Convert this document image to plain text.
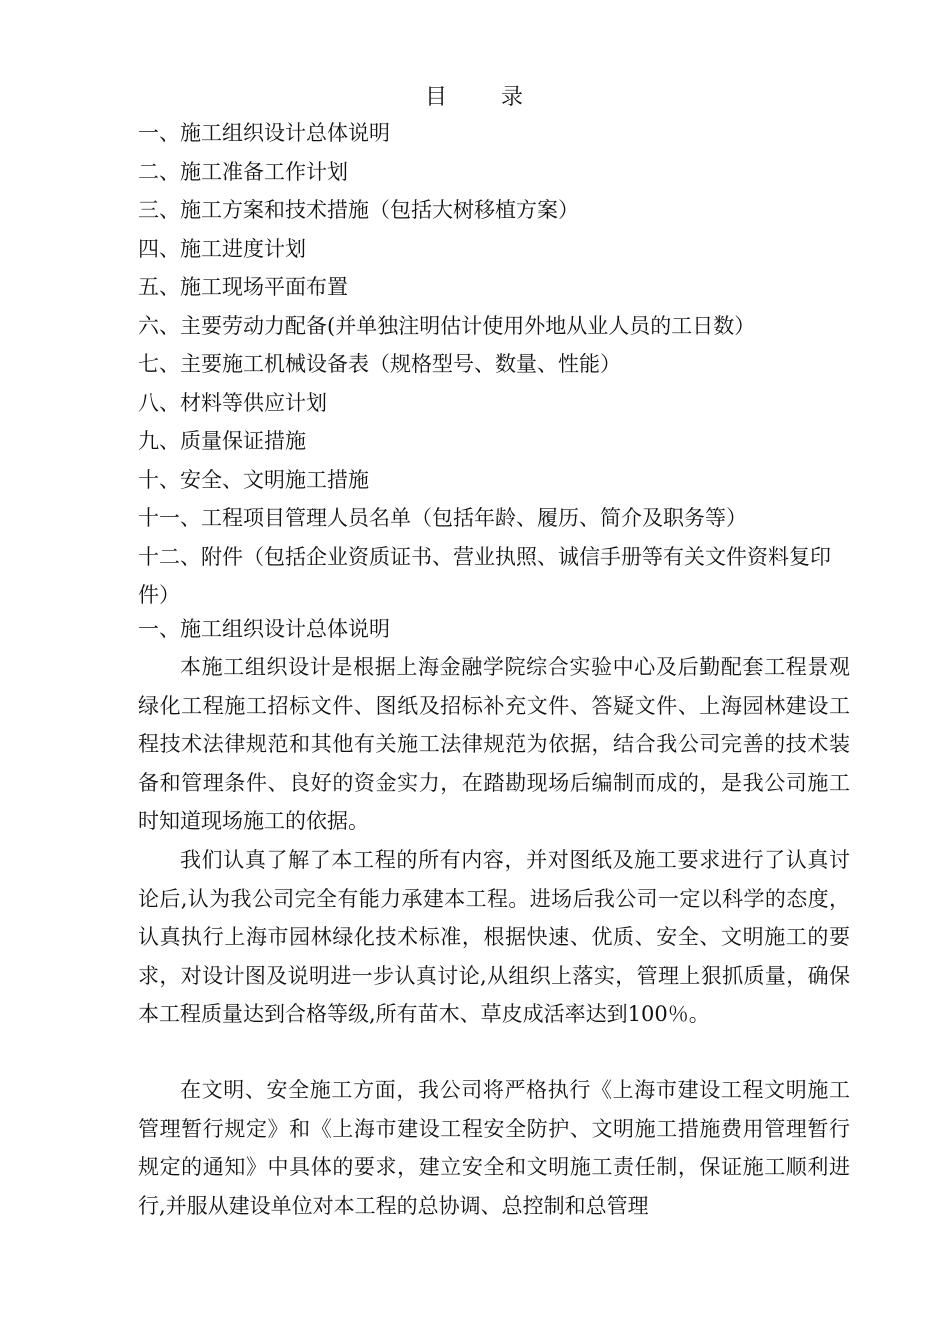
目 录
一、施工组织设计总体说明
二、施工准备工作计划
三、施工方案和技术措施（包括大树移植方案）
四、施工进度计划
五、施工现场平面布置
六、主要劳动力配备(并单独注明估计使用外地从业人员的工日数）
七、主要施工机械设备表（规格型号、数量、性能）
八、材料等供应计划
九、质量保证措施
十、安全、文明施工措施
十一、工程项目管理人员名单（包括年龄、履历、简介及职务等）
十二、附件（包括企业资质证书、营业执照、诚信手册等有关文件资料复印件）
一、施工组织设计总体说明

本施工组织设计是根据上海金融学院综合实验中心及后勤配套工程景观绿化工程施工招标文件、图纸及招标补充文件、答疑文件、上海园林建设工程技术法律规范和其他有关施工法律规范为依据，结合我公司完善的技术装备和管理条件、良好的资金实力，在踏勘现场后编制而成的，是我公司施工时知道现场施工的依据。

我们认真了解了本工程的所有内容，并对图纸及施工要求进行了认真讨论后,认为我公司完全有能力承建本工程。进场后我公司一定以科学的态度，认真执行上海市园林绿化技术标准，根据快速、优质、安全、文明施工的要求，对设计图及说明进一步认真讨论,从组织上落实，管理上狠抓质量，确保本工程质量达到合格等级,所有苗木、草皮成活率达到100％。

在文明、安全施工方面，我公司将严格执行《上海市建设工程文明施工管理暂行规定》和《上海市建设工程安全防护、文明施工措施费用管理暂行规定的通知》中具体的要求，建立安全和文明施工责任制，保证施工顺利进行,并服从建设单位对本工程的总协调、总控制和总管理
